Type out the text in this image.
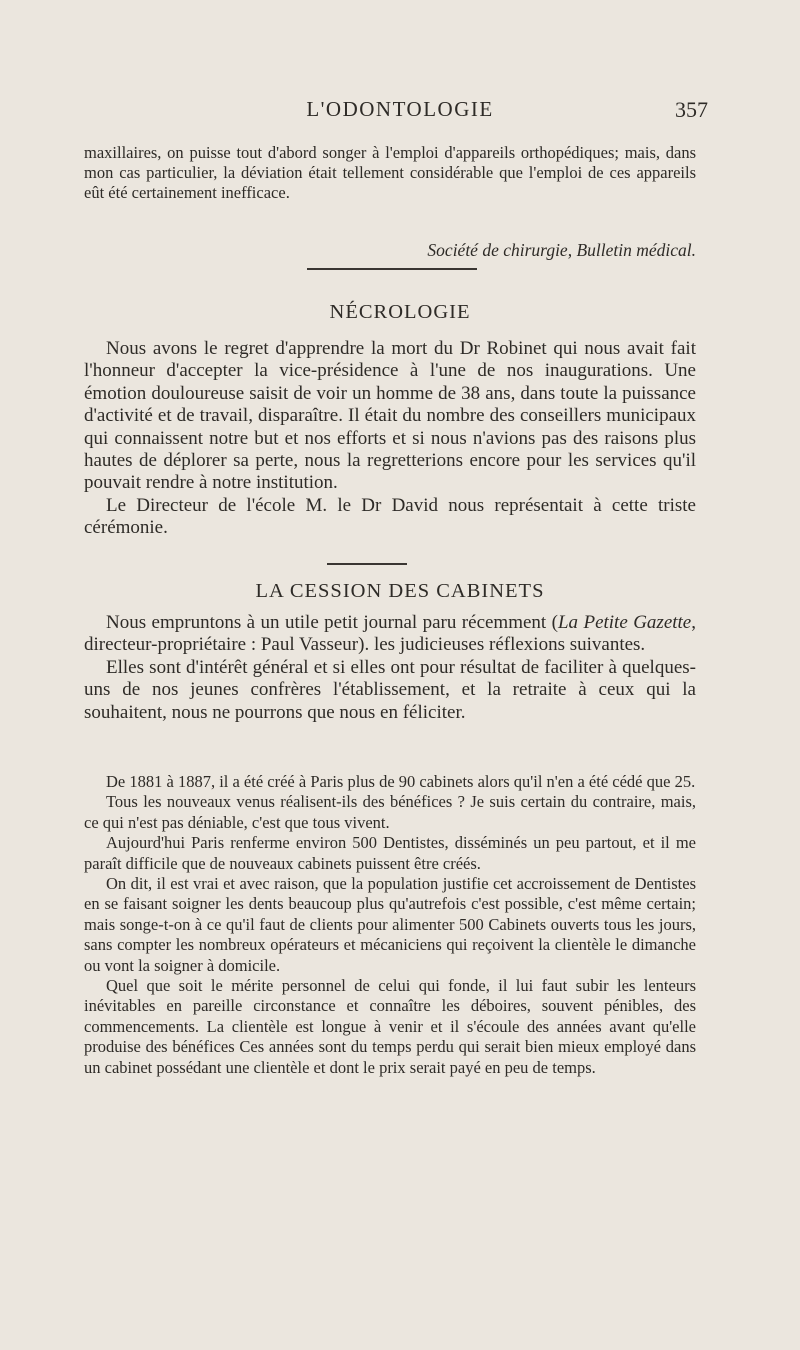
L'ODONTOLOGIE	357

maxillaires, on puisse tout d'abord songer à l'emploi d'appareils orthopédiques; mais, dans mon cas particulier, la déviation était tellement considérable que l'emploi de ces appareils eût été certainement inefficace.

Société de chirurgie, Bulletin médical.
NÉCROLOGIE

Nous avons le regret d'apprendre la mort du Dr Robinet qui nous avait fait l'honneur d'accepter la vice-présidence à l'une de nos inaugurations. Une émotion douloureuse saisit de voir un homme de 38 ans, dans toute la puissance d'activité et de travail, disparaître. Il était du nombre des conseillers municipaux qui connaissent notre but et nos efforts et si nous n'avions pas des raisons plus hautes de déplorer sa perte, nous la regretterions encore pour les services qu'il pouvait rendre à notre institution.

Le Directeur de l'école M. le Dr David nous représentait à cette triste cérémonie.

LA CESSION DES CABINETS

Nous empruntons à un utile petit journal paru récemment (La Petite Gazette, directeur-propriétaire : Paul Vasseur). les judicieuses réflexions suivantes.

Elles sont d'intérêt général et si elles ont pour résultat de faciliter à quelques-uns de nos jeunes confrères l'établissement, et la retraite à ceux qui la souhaitent, nous ne pourrons que nous en féliciter.

De 1881 à 1887, il a été créé à Paris plus de 90 cabinets alors qu'il n'en a été cédé que 25.

Tous les nouveaux venus réalisent-ils des bénéfices ? Je suis certain du contraire, mais, ce qui n'est pas déniable, c'est que tous vivent.

Aujourd'hui Paris renferme environ 500 Dentistes, disséminés un peu partout, et il me paraît difficile que de nouveaux cabinets puissent être créés.

On dit, il est vrai et avec raison, que la population justifie cet accroissement de Dentistes en se faisant soigner les dents beaucoup plus qu'autrefois c'est possible, c'est même certain; mais songe-t-on à ce qu'il faut de clients pour alimenter 500 Cabinets ouverts tous les jours, sans compter les nombreux opérateurs et mécaniciens qui reçoivent la clientèle le dimanche ou vont la soigner à domicile.

Quel que soit le mérite personnel de celui qui fonde, il lui faut subir les lenteurs inévitables en pareille circonstance et connaître les déboires, souvent pénibles, des commencements. La clientèle est longue à venir et il s'écoule des années avant qu'elle produise des bénéfices Ces années sont du temps perdu qui serait bien mieux employé dans un cabinet possédant une clientèle et dont le prix serait payé en peu de temps.
